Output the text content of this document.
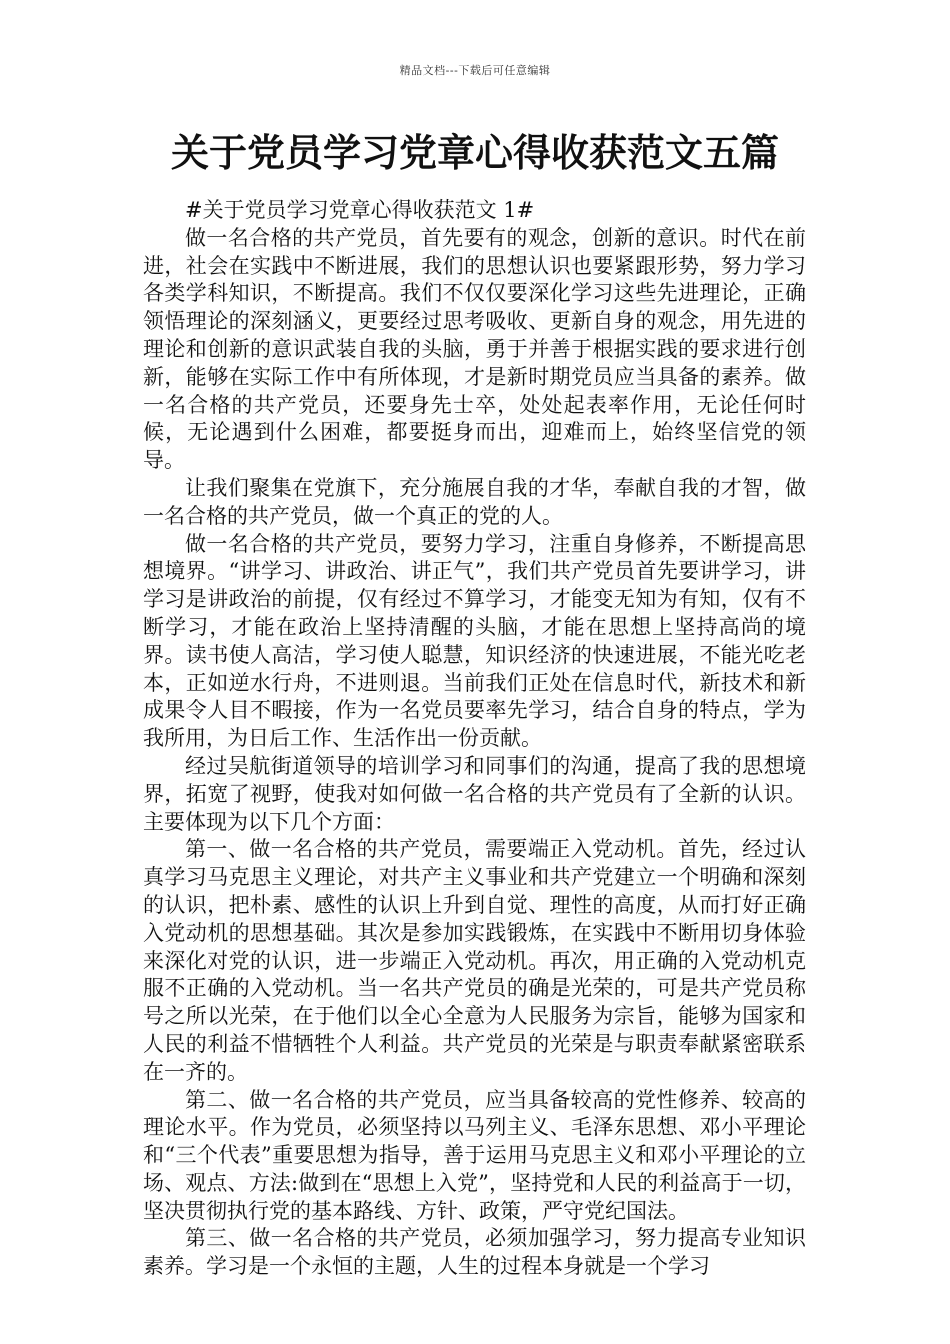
精品文档---下载后可任意编辑
关于党员学习党章心得收获范文五篇

#关于党员学习党章心得收获范文 1#

做一名合格的共产党员，首先要有的观念，创新的意识。时代在前进，社会在实践中不断进展，我们的思想认识也要紧跟形势，努力学习各类学科知识，不断提高。我们不仅仅要深化学习这些先进理论，正确领悟理论的深刻涵义，更要经过思考吸收、更新自身的观念，用先进的理论和创新的意识武装自我的头脑，勇于并善于根据实践的要求进行创新，能够在实际工作中有所体现，才是新时期党员应当具备的素养。做一名合格的共产党员，还要身先士卒，处处起表率作用，无论任何时候，无论遇到什么困难，都要挺身而出，迎难而上，始终坚信党的领导。

让我们聚集在党旗下，充分施展自我的才华，奉献自我的才智，做一名合格的共产党员，做一个真正的党的人。

做一名合格的共产党员，要努力学习，注重自身修养，不断提高思想境界。“讲学习、讲政治、讲正气”，我们共产党员首先要讲学习，讲学习是讲政治的前提，仅有经过不算学习，才能变无知为有知，仅有不断学习，才能在政治上坚持清醒的头脑，才能在思想上坚持高尚的境界。读书使人高洁，学习使人聪慧，知识经济的快速进展，不能光吃老本，正如逆水行舟，不进则退。当前我们正处在信息时代，新技术和新成果令人目不暇接，作为一名党员要率先学习，结合自身的特点，学为我所用，为日后工作、生活作出一份贡献。

经过吴航街道领导的培训学习和同事们的沟通，提高了我的思想境界，拓宽了视野，使我对如何做一名合格的共产党员有了全新的认识。主要体现为以下几个方面：

第一、做一名合格的共产党员，需要端正入党动机。首先，经过认真学习马克思主义理论，对共产主义事业和共产党建立一个明确和深刻的认识，把朴素、感性的认识上升到自觉、理性的高度，从而打好正确入党动机的思想基础。其次是参加实践锻炼，在实践中不断用切身体验来深化对党的认识，进一步端正入党动机。再次，用正确的入党动机克服不正确的入党动机。当一名共产党员的确是光荣的，可是共产党员称号之所以光荣，在于他们以全心全意为人民服务为宗旨，能够为国家和人民的利益不惜牺牲个人利益。共产党员的光荣是与职责奉献紧密联系在一齐的。

第二、做一名合格的共产党员，应当具备较高的党性修养、较高的理论水平。作为党员，必须坚持以马列主义、毛泽东思想、邓小平理论和“三个代表”重要思想为指导，善于运用马克思主义和邓小平理论的立场、观点、方法:做到在“思想上入党”，坚持党和人民的利益高于一切，坚决贯彻执行党的基本路线、方针、政策，严守党纪国法。

第三、做一名合格的共产党员，必须加强学习，努力提高专业知识素养。学习是一个永恒的主题，人生的过程本身就是一个学习
